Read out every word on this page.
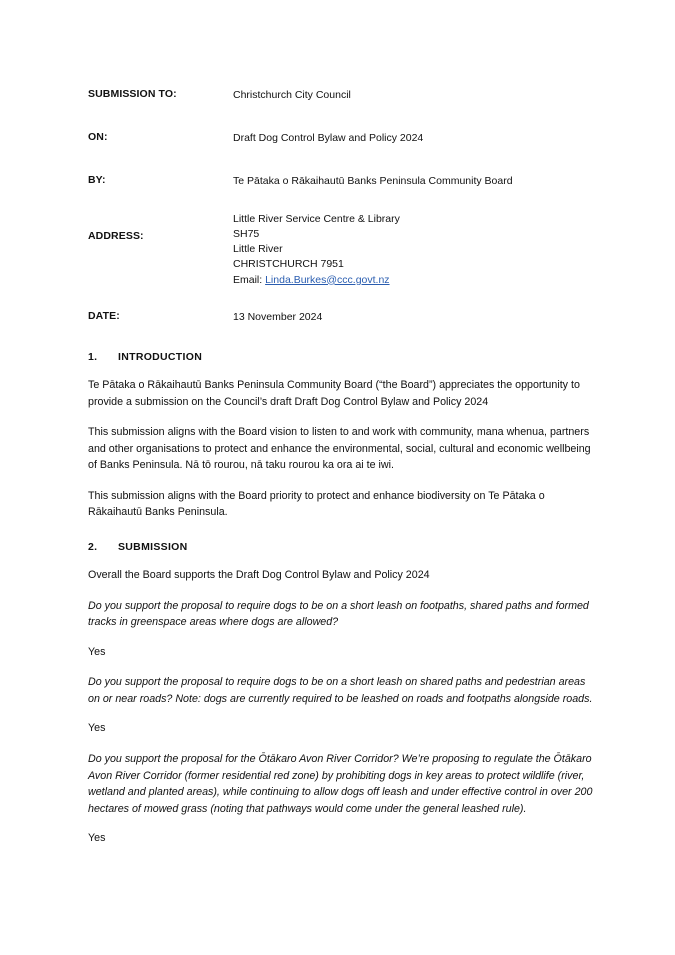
SUBMISSION TO:	Christchurch City Council

ON:	Draft Dog Control Bylaw and Policy 2024

BY:	Te Pātaka o Rākaihautū Banks Peninsula Community Board

ADDRESS:	Little River Service Centre & Library
SH75
Little River
CHRISTCHURCH 7951
Email: Linda.Burkes@ccc.govt.nz

DATE:	13 November 2024

1. INTRODUCTION

Te Pātaka o Rākaihautū Banks Peninsula Community Board (“the Board”) appreciates the opportunity to provide a submission on the Council’s draft Draft Dog Control Bylaw and Policy 2024

This submission aligns with the Board vision to listen to and work with community, mana whenua, partners and other organisations to protect and enhance the environmental, social, cultural and economic wellbeing of Banks Peninsula. Nā tō rourou, nā taku rourou ka ora ai te iwi.

This submission aligns with the Board priority to protect and enhance biodiversity on Te Pātaka o Rākaihautū Banks Peninsula.

2. SUBMISSION

Overall the Board supports the Draft Dog Control Bylaw and Policy 2024

Do you support the proposal to require dogs to be on a short leash on footpaths, shared paths and formed tracks in greenspace areas where dogs are allowed?

Yes

Do you support the proposal to require dogs to be on a short leash on shared paths and pedestrian areas on or near roads? Note: dogs are currently required to be leashed on roads and footpaths alongside roads.

Yes

Do you support the proposal for the Ōtākaro Avon River Corridor? We’re proposing to regulate the Ōtākaro Avon River Corridor (former residential red zone) by prohibiting dogs in key areas to protect wildlife (river, wetland and planted areas), while continuing to allow dogs off leash and under effective control in over 200 hectares of mowed grass (noting that pathways would come under the general leashed rule).

Yes
